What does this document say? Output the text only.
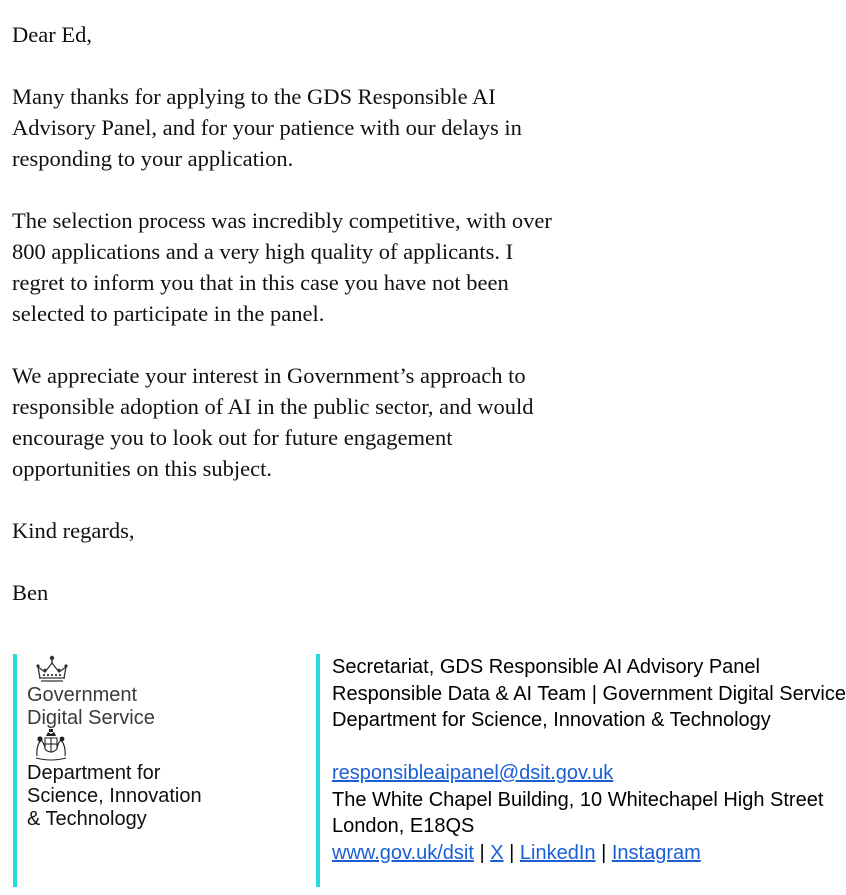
Dear Ed,

Many thanks for applying to the GDS Responsible AI
Advisory Panel, and for your patience with our delays in
responding to your application.

The selection process was incredibly competitive, with over
800 applications and a very high quality of applicants. I
regret to inform you that in this case you have not been
selected to participate in the panel.

We appreciate your interest in Government’s approach to
responsible adoption of AI in the public sector, and would
encourage you to look out for future engagement
opportunities on this subject.

Kind regards,

Ben

Government
Digital Service
Department for
Science, Innovation
& Technology
Secretariat, GDS Responsible AI Advisory Panel
Responsible Data & AI Team | Government Digital Service
Department for Science, Innovation & Technology
responsibleaipanel@dsit.gov.uk
The White Chapel Building, 10 Whitechapel High Street
London, E18QS
www.gov.uk/dsit | X | LinkedIn | Instagram
